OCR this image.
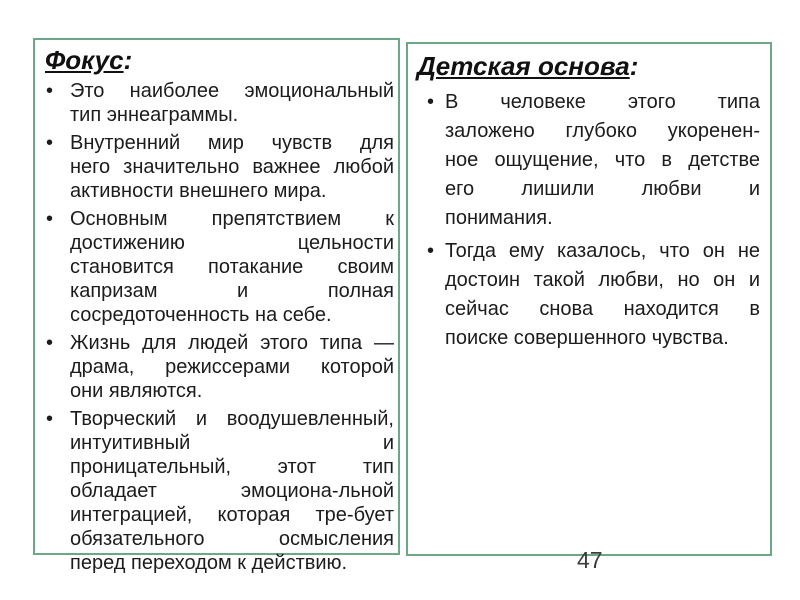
Фокус:
• Это наиболее эмоциональный
тип эннеаграммы.
• Внутренний мир чувств для
него значительно важнее любой
активности внешнего мира.
• Основным препятствием к
достижению цельности
становится потакание своим
капризам и полная
сосредоточенность на себе.
• Жизнь для людей этого типа —
драма, режиссерами которой
они являются.
• Творческий и воодушевленный,
интуитивный и
проницательный, этот тип
обладает эмоциона-льной
интеграцией, которая тре-бует
обязательного осмысления
перед переходом к действию.
Детская основа:
• В человеке этого типа
заложено глубоко укоренен-
ное ощущение, что в детстве
его лишили любви и
понимания.
• Тогда ему казалось, что он не
достоин такой любви, но он и
сейчас снова находится в
поиске совершенного чувства.
47
